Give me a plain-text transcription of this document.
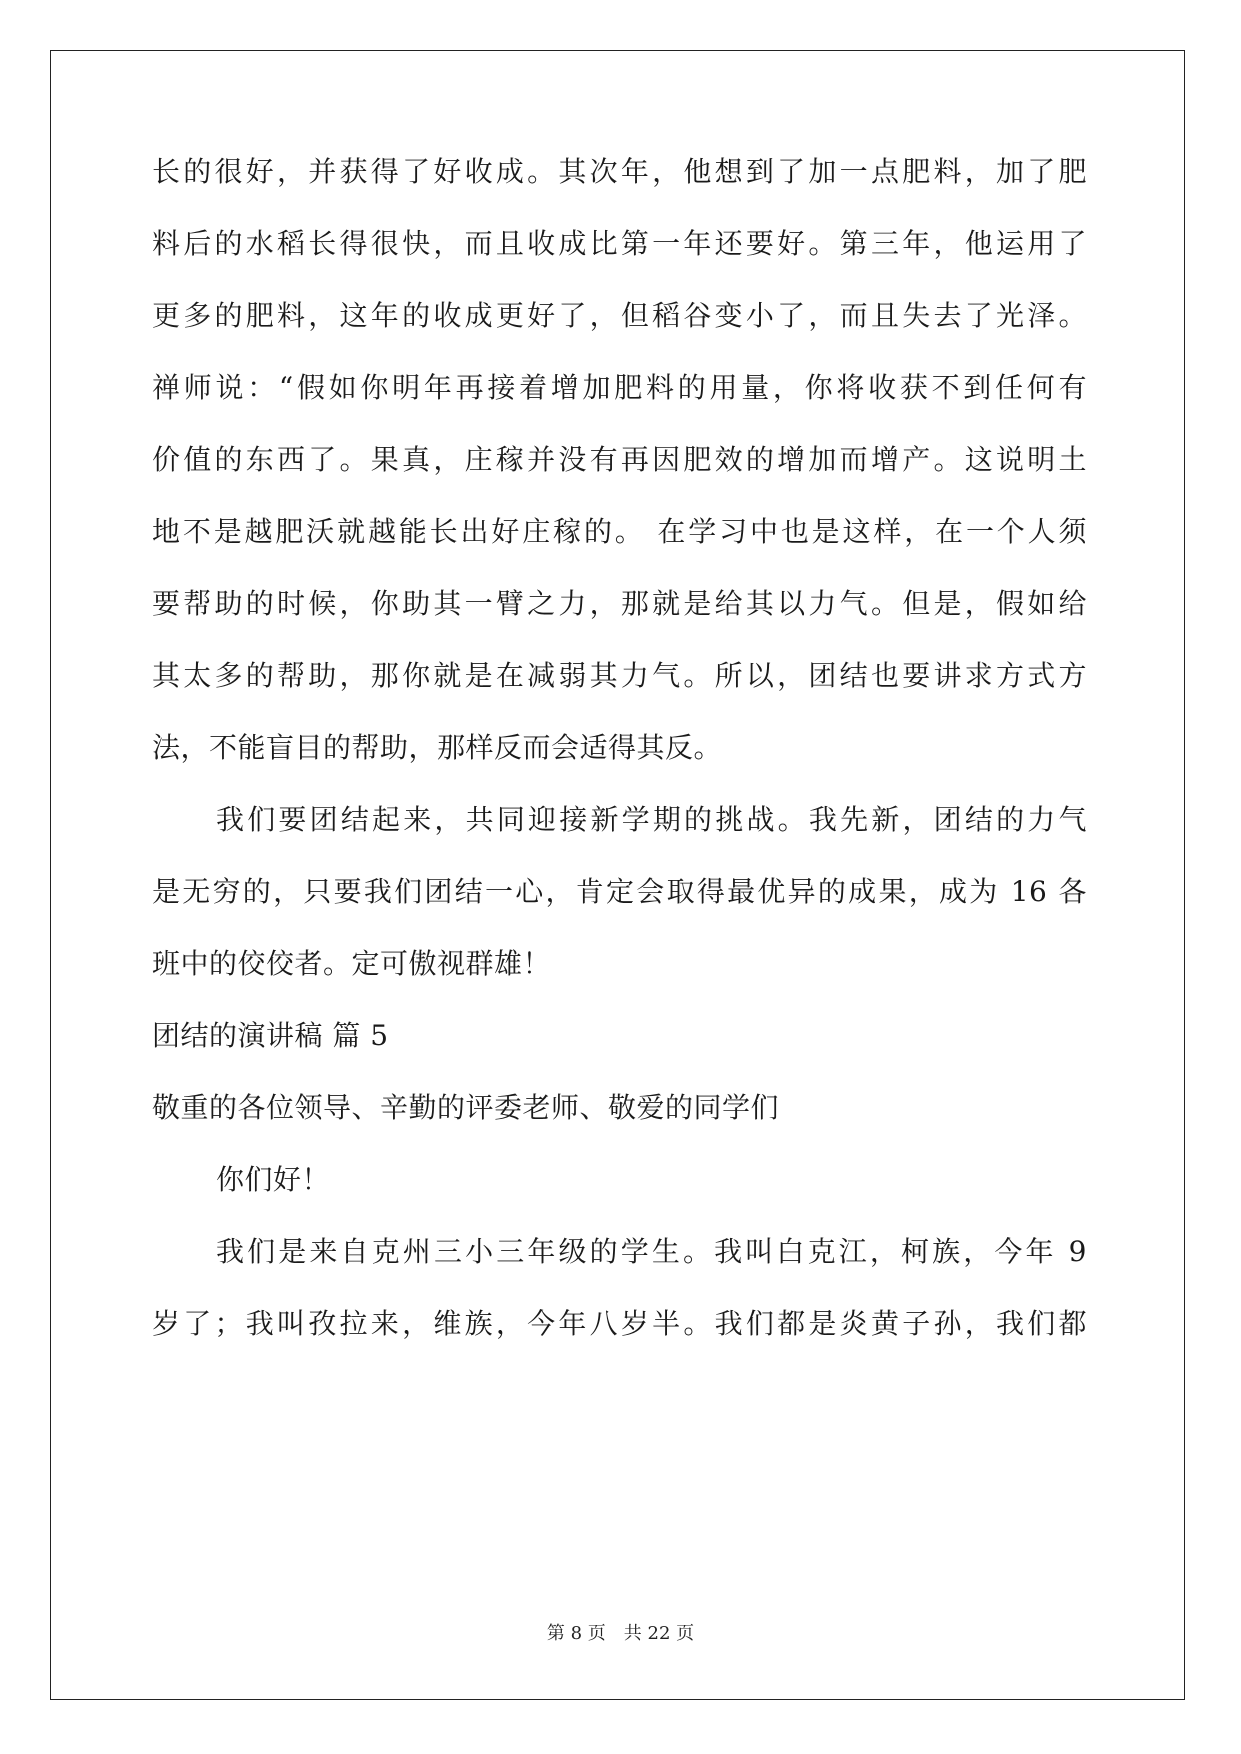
长的很好，并获得了好收成。其次年，他想到了加一点肥料，加了肥
料后的水稻长得很快，而且收成比第一年还要好。第三年，他运用了
更多的肥料，这年的收成更好了，但稻谷变小了，而且失去了光泽。
禅师说：“假如你明年再接着增加肥料的用量，你将收获不到任何有
价值的东西了。果真，庄稼并没有再因肥效的增加而增产。这说明土
地不是越肥沃就越能长出好庄稼的。 在学习中也是这样，在一个人须
要帮助的时候，你助其一臂之力，那就是给其以力气。但是，假如给
其太多的帮助，那你就是在减弱其力气。所以，团结也要讲求方式方
法，不能盲目的帮助，那样反而会适得其反。
我们要团结起来，共同迎接新学期的挑战。我先新，团结的力气
是无穷的，只要我们团结一心，肯定会取得最优异的成果，成为 16 各
班中的佼佼者。定可傲视群雄！
团结的演讲稿 篇 5
敬重的各位领导、辛勤的评委老师、敬爱的同学们
你们好！
我们是来自克州三小三年级的学生。我叫白克江，柯族，今年 9
岁了；我叫孜拉来，维族，今年八岁半。我们都是炎黄子孙，我们都
第 8 页 共 22 页
